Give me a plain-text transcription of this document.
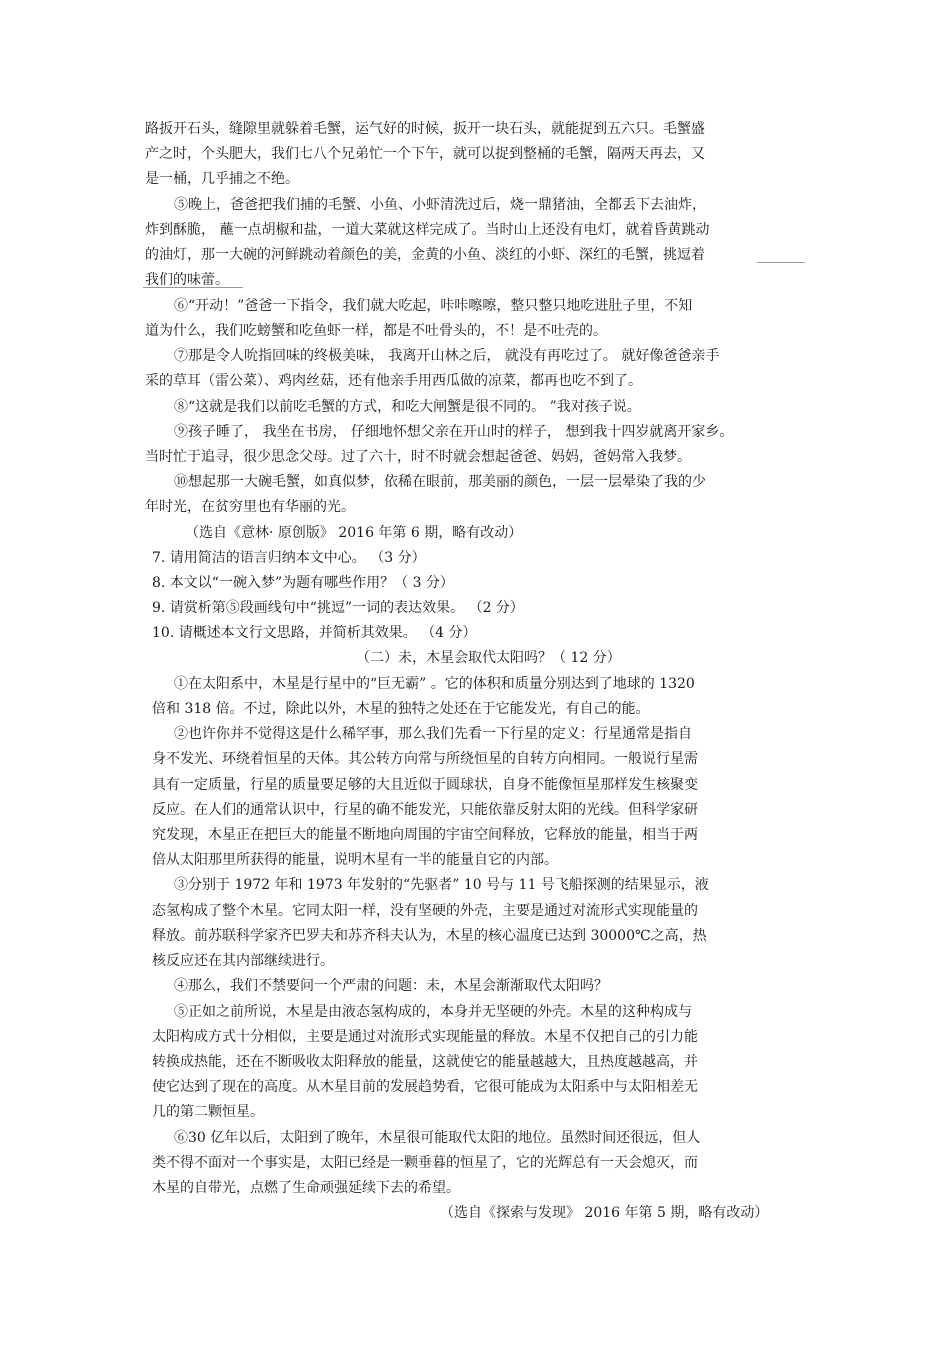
路扳开石头，缝隙里就躲着毛蟹，运气好的时候，扳开一块石头，就能捉到五六只。毛蟹盛
产之时，个头肥大，我们七八个兄弟忙一个下午，就可以捉到整桶的毛蟹，隔两天再去，又
是一桶，几乎捕之不绝。
⑤晚上，爸爸把我们捕的毛蟹、小鱼、小虾清洗过后，烧一鼎猪油，全都丢下去油炸，
炸到酥脆， 蘸一点胡椒和盐，一道大菜就这样完成了。当时山上还没有电灯，就着昏黄跳动
的油灯，那一大碗的河鲜跳动着颜色的美，金黄的小鱼、淡红的小虾、深红的毛蟹，挑逗着
我们的味蕾。
⑥“开动！”爸爸一下指令，我们就大吃起，咔咔嚓嚓，整只整只地吃进肚子里，不知
道为什么，我们吃螃蟹和吃鱼虾一样，都是不吐骨头的，不！是不吐壳的。
⑦那是令人吮指回味的终极美味， 我离开山林之后， 就没有再吃过了。 就好像爸爸亲手
采的草耳（雷公菜）、鸡肉丝菇，还有他亲手用西瓜做的凉菜，都再也吃不到了。
⑧“这就是我们以前吃毛蟹的方式，和吃大闸蟹是很不同的。 ”我对孩子说。
⑨孩子睡了， 我坐在书房， 仔细地怀想父亲在开山时的样子， 想到我十四岁就离开家乡。
当时忙于追寻，很少思念父母。过了六十，时不时就会想起爸爸、妈妈，爸妈常入我梦。
⑩想起那一大碗毛蟹，如真似梦，依稀在眼前，那美丽的颜色，一层一层晕染了我的少
年时光，在贫穷里也有华丽的光。
（选自《意林· 原创版》 2016 年第 6 期，略有改动）
7. 请用简洁的语言归纳本文中心。 （3 分）
8. 本文以“一碗入梦”为题有哪些作用？（ 3 分）
9. 请赏析第⑤段画线句中“挑逗”一词的表达效果。 （2 分）
10. 请概述本文行文思路，并简析其效果。 （4 分）
（二）未，木星会取代太阳吗？（ 12 分）
①在太阳系中，木星是行星中的“巨无霸” 。它的体积和质量分别达到了地球的 1320
倍和 318 倍。不过，除此以外，木星的独特之处还在于它能发光，有自己的能。
②也许你并不觉得这是什么稀罕事，那么我们先看一下行星的定义：行星通常是指自
身不发光、环绕着恒星的天体。其公转方向常与所绕恒星的自转方向相同。一般说行星需
具有一定质量，行星的质量要足够的大且近似于圆球状，自身不能像恒星那样发生核聚变
反应。在人们的通常认识中，行星的确不能发光，只能依靠反射太阳的光线。但科学家研
究发现，木星正在把巨大的能量不断地向周围的宇宙空间释放，它释放的能量，相当于两
倍从太阳那里所获得的能量，说明木星有一半的能量自它的内部。
③分别于 1972 年和 1973 年发射的“先驱者” 10 号与 11 号飞船探测的结果显示，液
态氢构成了整个木星。它同太阳一样，没有坚硬的外壳，主要是通过对流形式实现能量的
释放。前苏联科学家齐巴罗夫和苏齐科夫认为，木星的核心温度已达到 30000℃之高，热
核反应还在其内部继续进行。
④那么，我们不禁要问一个严肃的问题：未，木星会渐渐取代太阳吗？
⑤正如之前所说，木星是由液态氢构成的，本身并无坚硬的外壳。木星的这种构成与
太阳构成方式十分相似，主要是通过对流形式实现能量的释放。木星不仅把自己的引力能
转换成热能，还在不断吸收太阳释放的能量，这就使它的能量越越大，且热度越越高，并
使它达到了现在的高度。从木星目前的发展趋势看，它很可能成为太阳系中与太阳相差无
几的第二颗恒星。
⑥30 亿年以后，太阳到了晚年，木星很可能取代太阳的地位。虽然时间还很远，但人
类不得不面对一个事实是，太阳已经是一颗垂暮的恒星了，它的光辉总有一天会熄灭，而
木星的自带光，点燃了生命顽强延续下去的希望。
（选自《探索与发现》 2016 年第 5 期，略有改动）
